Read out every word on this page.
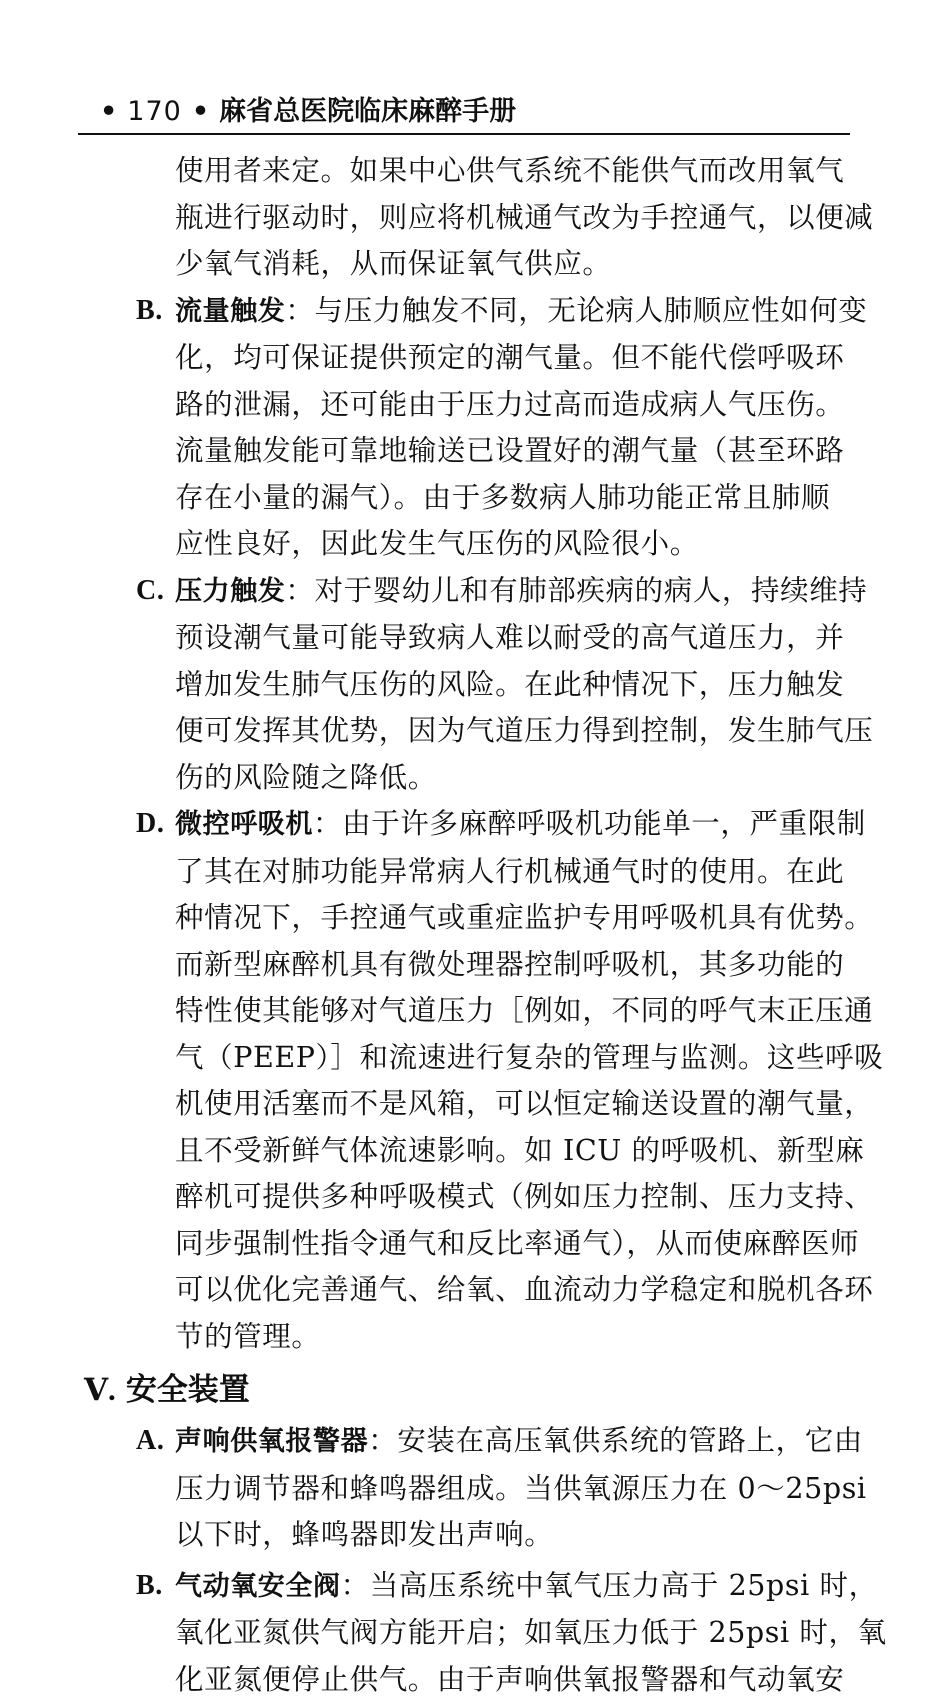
• 170 • 麻省总医院临床麻醉手册
使用者来定。如果中心供气系统不能供气而改用氧气
瓶进行驱动时，则应将机械通气改为手控通气，以便减
少氧气消耗，从而保证氧气供应。
B. 流量触发：与压力触发不同，无论病人肺顺应性如何变
化，均可保证提供预定的潮气量。但不能代偿呼吸环
路的泄漏，还可能由于压力过高而造成病人气压伤。
流量触发能可靠地输送已设置好的潮气量（甚至环路
存在小量的漏气）。由于多数病人肺功能正常且肺顺
应性良好，因此发生气压伤的风险很小。
C. 压力触发：对于婴幼儿和有肺部疾病的病人，持续维持
预设潮气量可能导致病人难以耐受的高气道压力，并
增加发生肺气压伤的风险。在此种情况下，压力触发
便可发挥其优势，因为气道压力得到控制，发生肺气压
伤的风险随之降低。
D. 微控呼吸机：由于许多麻醉呼吸机功能单一，严重限制
了其在对肺功能异常病人行机械通气时的使用。在此
种情况下，手控通气或重症监护专用呼吸机具有优势。
而新型麻醉机具有微处理器控制呼吸机，其多功能的
特性使其能够对气道压力［例如，不同的呼气末正压通
气（PEEP）］和流速进行复杂的管理与监测。这些呼吸
机使用活塞而不是风箱，可以恒定输送设置的潮气量，
且不受新鲜气体流速影响。如 ICU 的呼吸机、新型麻
醉机可提供多种呼吸模式（例如压力控制、压力支持、
同步强制性指令通气和反比率通气），从而使麻醉医师
可以优化完善通气、给氧、血流动力学稳定和脱机各环
节的管理。
Ⅴ. 安全装置
A. 声响供氧报警器：安装在高压氧供系统的管路上，它由
压力调节器和蜂鸣器组成。当供氧源压力在 0～25psi
以下时，蜂鸣器即发出声响。
B. 气动氧安全阀：当高压系统中氧气压力高于 25psi 时，
氧化亚氮供气阀方能开启；如氧压力低于 25psi 时，氧
化亚氮便停止供气。由于声响供氧报警器和气动氧安
